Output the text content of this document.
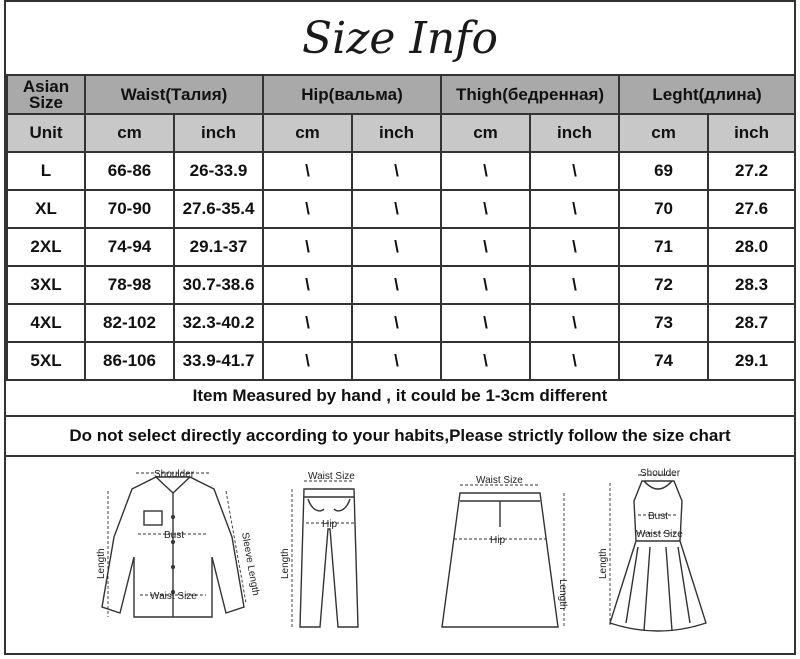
Size Info
Asian Size	Waist(Талия)		Hip(вальма)		Thigh(бедренная)		Leght(длина)	
Unit	cm	inch	cm	inch	cm	inch	cm	inch
L	66-86	26-33.9	\	\	\	\	69	27.2
XL	70-90	27.6-35.4	\	\	\	\	70	27.6
2XL	74-94	29.1-37	\	\	\	\	71	28.0
3XL	78-98	30.7-38.6	\	\	\	\	72	28.3
4XL	82-102	32.3-40.2	\	\	\	\	73	28.7
5XL	86-106	33.9-41.7	\	\	\	\	74	29.1
Item Measured by hand , it could be 1-3cm different
Do not select directly according to your habits,Please strictly follow the size chart
Shoulder
Bust
Waist Size
Length	Sleeve Length
Waist Size
Hip
Length
Waist Size
Hip
Length
Shoulder
Bust
Waist Size
Length
